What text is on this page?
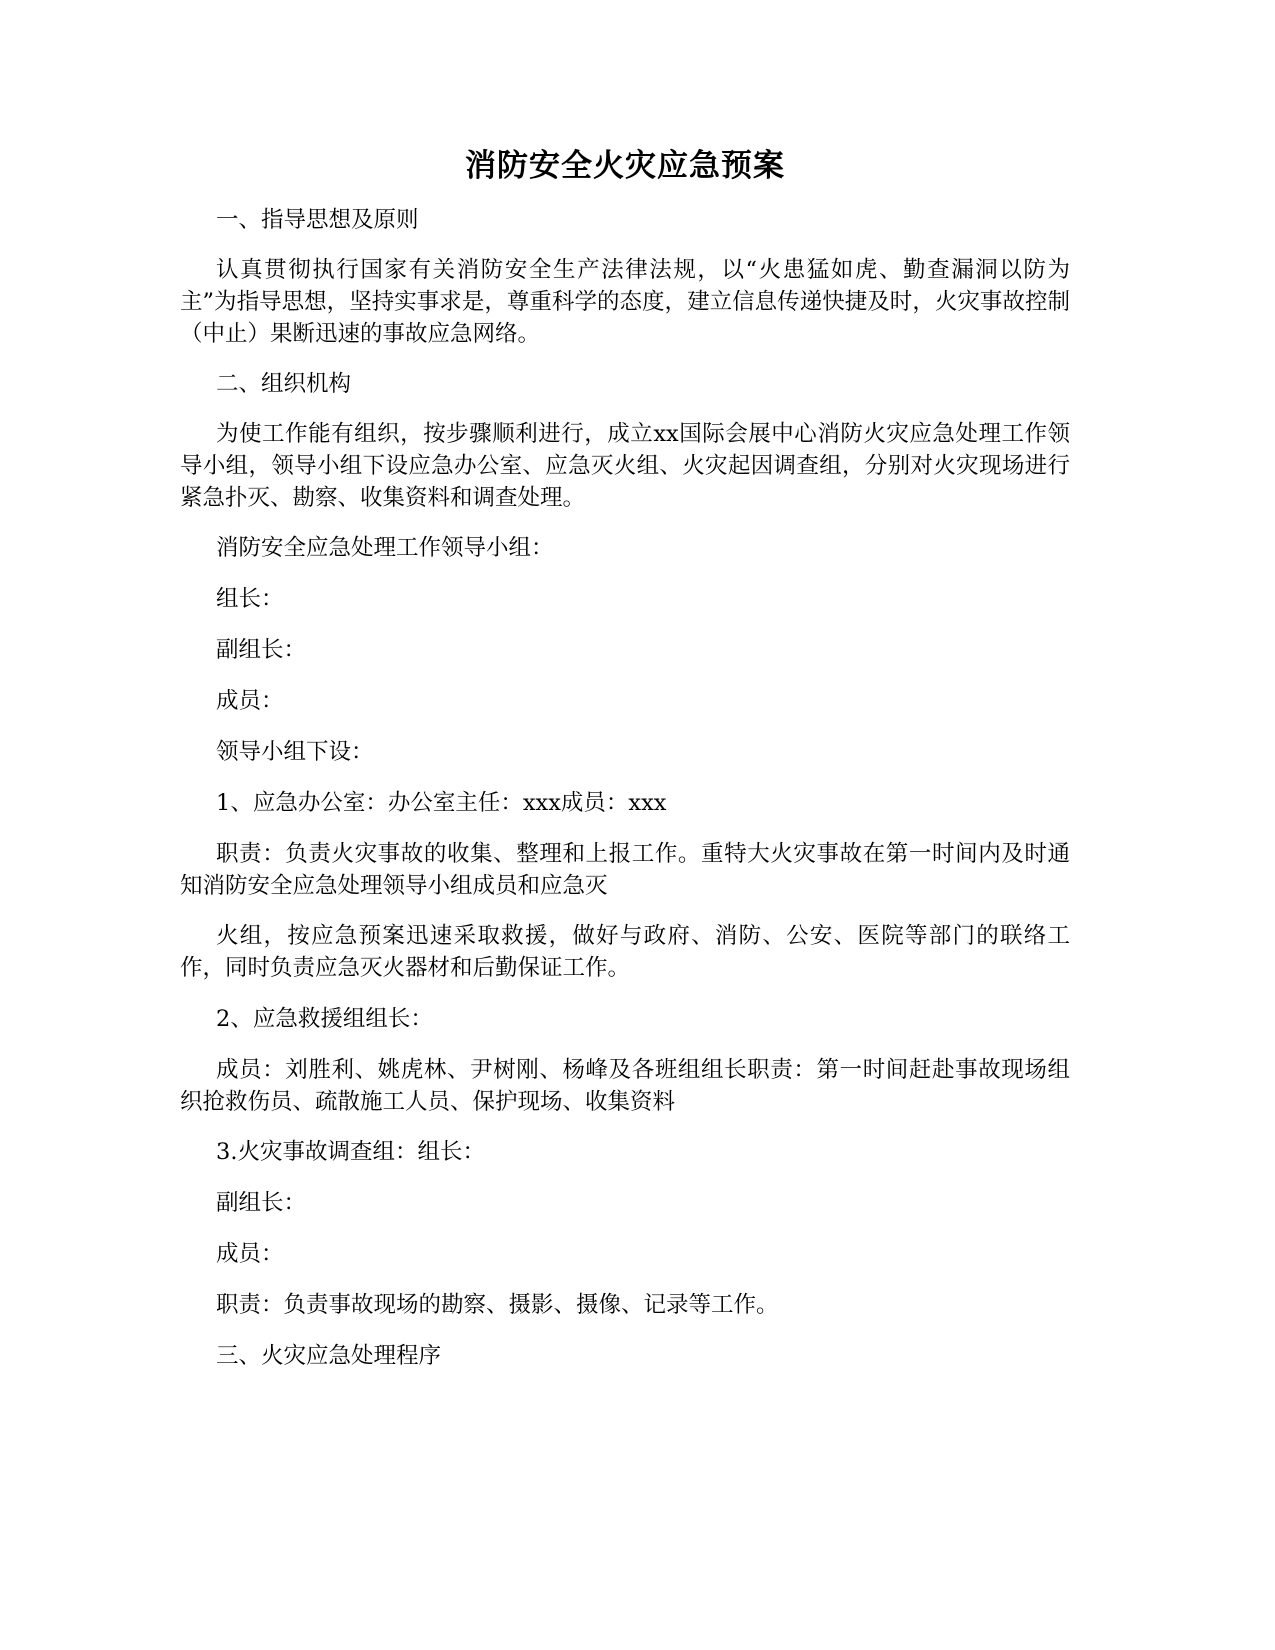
消防安全火灾应急预案

一、指导思想及原则

认真贯彻执行国家有关消防安全生产法律法规，以“火患猛如虎、勤查漏洞以防为主”为指导思想，坚持实事求是，尊重科学的态度，建立信息传递快捷及时，火灾事故控制（中止）果断迅速的事故应急网络。

二、组织机构

为使工作能有组织，按步骤顺利进行，成立xx国际会展中心消防火灾应急处理工作领导小组，领导小组下设应急办公室、应急灭火组、火灾起因调查组，分别对火灾现场进行紧急扑灭、勘察、收集资料和调查处理。

消防安全应急处理工作领导小组：

组长：

副组长：

成员：

领导小组下设：

1、应急办公室：办公室主任：xxx成员：xxx

职责：负责火灾事故的收集、整理和上报工作。重特大火灾事故在第一时间内及时通知消防安全应急处理领导小组成员和应急灭

火组，按应急预案迅速采取救援，做好与政府、消防、公安、医院等部门的联络工作，同时负责应急灭火器材和后勤保证工作。

2、应急救援组组长：

成员：刘胜利、姚虎林、尹树刚、杨峰及各班组组长职责：第一时间赶赴事故现场组织抢救伤员、疏散施工人员、保护现场、收集资料

3.火灾事故调查组：组长：

副组长：

成员：

职责：负责事故现场的勘察、摄影、摄像、记录等工作。

三、火灾应急处理程序
